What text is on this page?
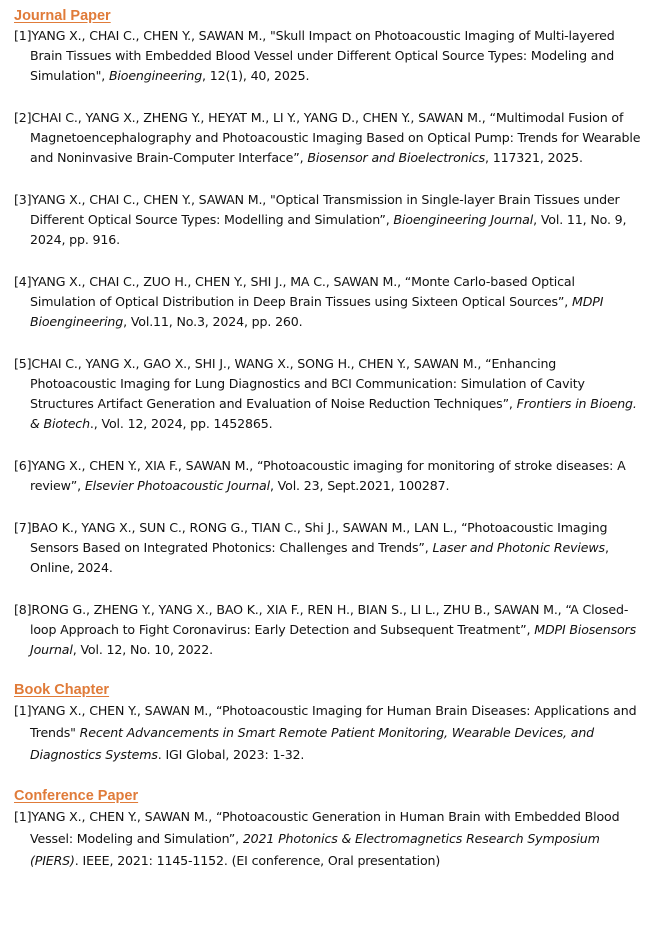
Journal Paper

[1]YANG X., CHAI C., CHEN Y., SAWAN M., "Skull Impact on Photoacoustic Imaging of Multi-layered Brain Tissues with Embedded Blood Vessel under Different Optical Source Types: Modeling and Simulation", Bioengineering, 12(1), 40, 2025.

[2]CHAI C., YANG X., ZHENG Y., HEYAT M., LI Y., YANG D., CHEN Y., SAWAN M., “Multimodal Fusion of Magnetoencephalography and Photoacoustic Imaging Based on Optical Pump: Trends for Wearable and Noninvasive Brain-Computer Interface”, Biosensor and Bioelectronics, 117321, 2025.

[3]YANG X., CHAI C., CHEN Y., SAWAN M., "Optical Transmission in Single-layer Brain Tissues under Different Optical Source Types: Modelling and Simulation”, Bioengineering Journal, Vol. 11, No. 9, 2024, pp. 916.

[4]YANG X., CHAI C., ZUO H., CHEN Y., SHI J., MA C., SAWAN M., “Monte Carlo-based Optical Simulation of Optical Distribution in Deep Brain Tissues using Sixteen Optical Sources”, MDPI Bioengineering, Vol.11, No.3, 2024, pp. 260.

[5]CHAI C., YANG X., GAO X., SHI J., WANG X., SONG H., CHEN Y., SAWAN M., “Enhancing Photoacoustic Imaging for Lung Diagnostics and BCI Communication: Simulation of Cavity Structures Artifact Generation and Evaluation of Noise Reduction Techniques”, Frontiers in Bioeng. & Biotech., Vol. 12, 2024, pp. 1452865.

[6]YANG X., CHEN Y., XIA F., SAWAN M., “Photoacoustic imaging for monitoring of stroke diseases: A review”, Elsevier Photoacoustic Journal, Vol. 23, Sept.2021, 100287.

[7]BAO K., YANG X., SUN C., RONG G., TIAN C., Shi J., SAWAN M., LAN L., “Photoacoustic Imaging Sensors Based on Integrated Photonics: Challenges and Trends”, Laser and Photonic Reviews, Online, 2024.

[8]RONG G., ZHENG Y., YANG X., BAO K., XIA F., REN H., BIAN S., LI L., ZHU B., SAWAN M., “A Closed-loop Approach to Fight Coronavirus: Early Detection and Subsequent Treatment”, MDPI Biosensors Journal, Vol. 12, No. 10, 2022.

Book Chapter

[1]YANG X., CHEN Y., SAWAN M., “Photoacoustic Imaging for Human Brain Diseases: Applications and Trends" Recent Advancements in Smart Remote Patient Monitoring, Wearable Devices, and Diagnostics Systems. IGI Global, 2023: 1-32.

Conference Paper

[1]YANG X., CHEN Y., SAWAN M., “Photoacoustic Generation in Human Brain with Embedded Blood Vessel: Modeling and Simulation”, 2021 Photonics & Electromagnetics Research Symposium (PIERS). IEEE, 2021: 1145-1152. (EI conference, Oral presentation)
